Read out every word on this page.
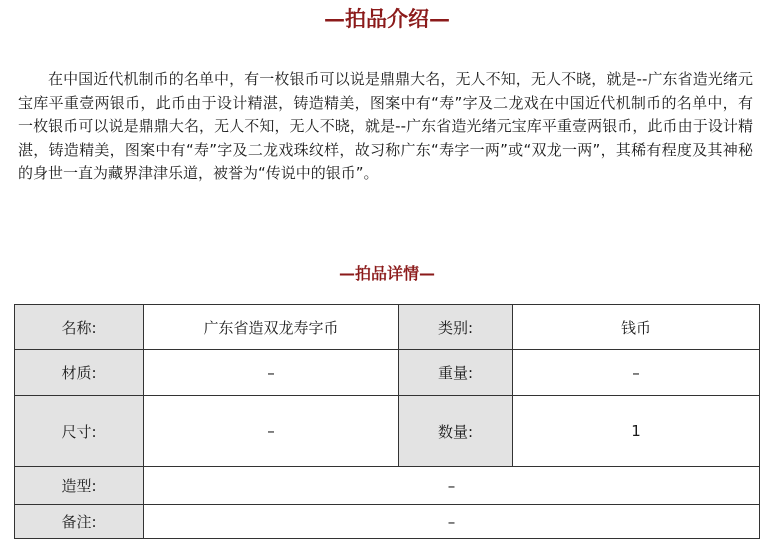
—拍品介绍—

在中国近代机制币的名单中，有一枚银币可以说是鼎鼎大名，无人不知，无人不晓，就是--广东省造光绪元宝库平重壹两银币，此币由于设计精湛，铸造精美，图案中有“寿”字及二龙戏在中国近代机制币的名单中，有一枚银币可以说是鼎鼎大名，无人不知，无人不晓，就是--广东省造光绪元宝库平重壹两银币，此币由于设计精湛，铸造精美，图案中有“寿”字及二龙戏珠纹样，故习称广东“寿字一两”或“双龙一两”，其稀有程度及其神秘的身世一直为藏界津津乐道，被誉为“传说中的银币”。

—拍品详情—
名称:	广东省造双龙寿字币	类别:	钱币
材质:	–	重量:	–
尺寸:	–	数量:	1
造型:	–		
备注:	–		
